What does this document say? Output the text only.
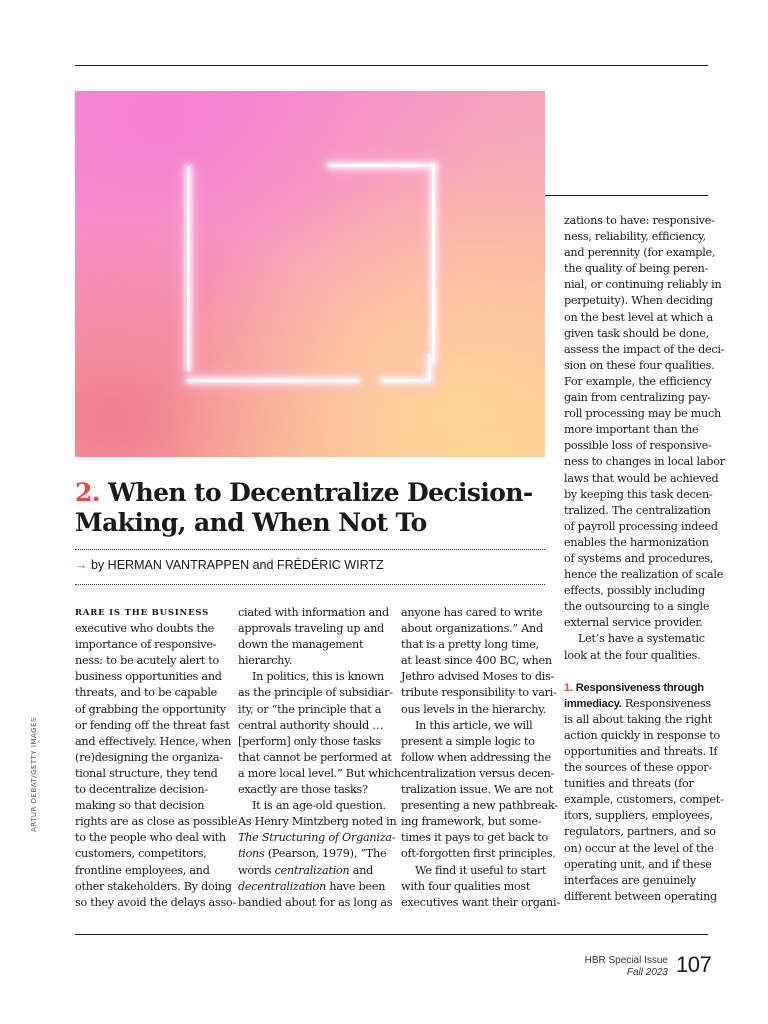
ARTUR DEBAT/GETTY IMAGES
2. When to Decentralize Decision-Making, and When Not To
→ by HERMAN VANTRAPPEN and FRÉDÉRIC WIRTZ
RARE IS THE BUSINESS
executive who doubts the
importance of responsive-
ness: to be acutely alert to
business opportunities and
threats, and to be capable
of grabbing the opportunity
or fending off the threat fast
and effectively. Hence, when
(re)designing the organiza-
tional structure, they tend
to decentralize decision-
making so that decision
rights are as close as possible
to the people who deal with
customers, competitors,
frontline employees, and
other stakeholders. By doing
so they avoid the delays asso-
ciated with information and
approvals traveling up and
down the management
hierarchy.
In politics, this is known
as the principle of subsidiar-
ity, or “the principle that a
central authority should …
[perform] only those tasks
that cannot be performed at
a more local level.” But which
exactly are those tasks?
It is an age-old question.
As Henry Mintzberg noted in
The Structuring of Organiza-
tions (Pearson, 1979), “The
words centralization and
decentralization have been
bandied about for as long as
anyone has cared to write
about organizations.” And
that is a pretty long time,
at least since 400 BC, when
Jethro advised Moses to dis-
tribute responsibility to vari-
ous levels in the hierarchy.
In this article, we will
present a simple logic to
follow when addressing the
centralization versus decen-
tralization issue. We are not
presenting a new pathbreak-
ing framework, but some-
times it pays to get back to
oft-forgotten first principles.
We find it useful to start
with four qualities most
executives want their organi-
zations to have: responsive-
ness, reliability, efficiency,
and perennity (for example,
the quality of being peren-
nial, or continuing reliably in
perpetuity). When deciding
on the best level at which a
given task should be done,
assess the impact of the deci-
sion on these four qualities.
For example, the efficiency
gain from centralizing pay-
roll processing may be much
more important than the
possible loss of responsive-
ness to changes in local labor
laws that would be achieved
by keeping this task decen-
tralized. The centralization
of payroll processing indeed
enables the harmonization
of systems and procedures,
hence the realization of scale
effects, possibly including
the outsourcing to a single
external service provider.
Let’s have a systematic
look at the four qualities.
1. Responsiveness through
immediacy. Responsiveness
is all about taking the right
action quickly in response to
opportunities and threats. If
the sources of these oppor-
tunities and threats (for
example, customers, compet-
itors, suppliers, employees,
regulators, partners, and so
on) occur at the level of the
operating unit, and if these
interfaces are genuinely
different between operating
HBR Special Issue
Fall 2023 107
